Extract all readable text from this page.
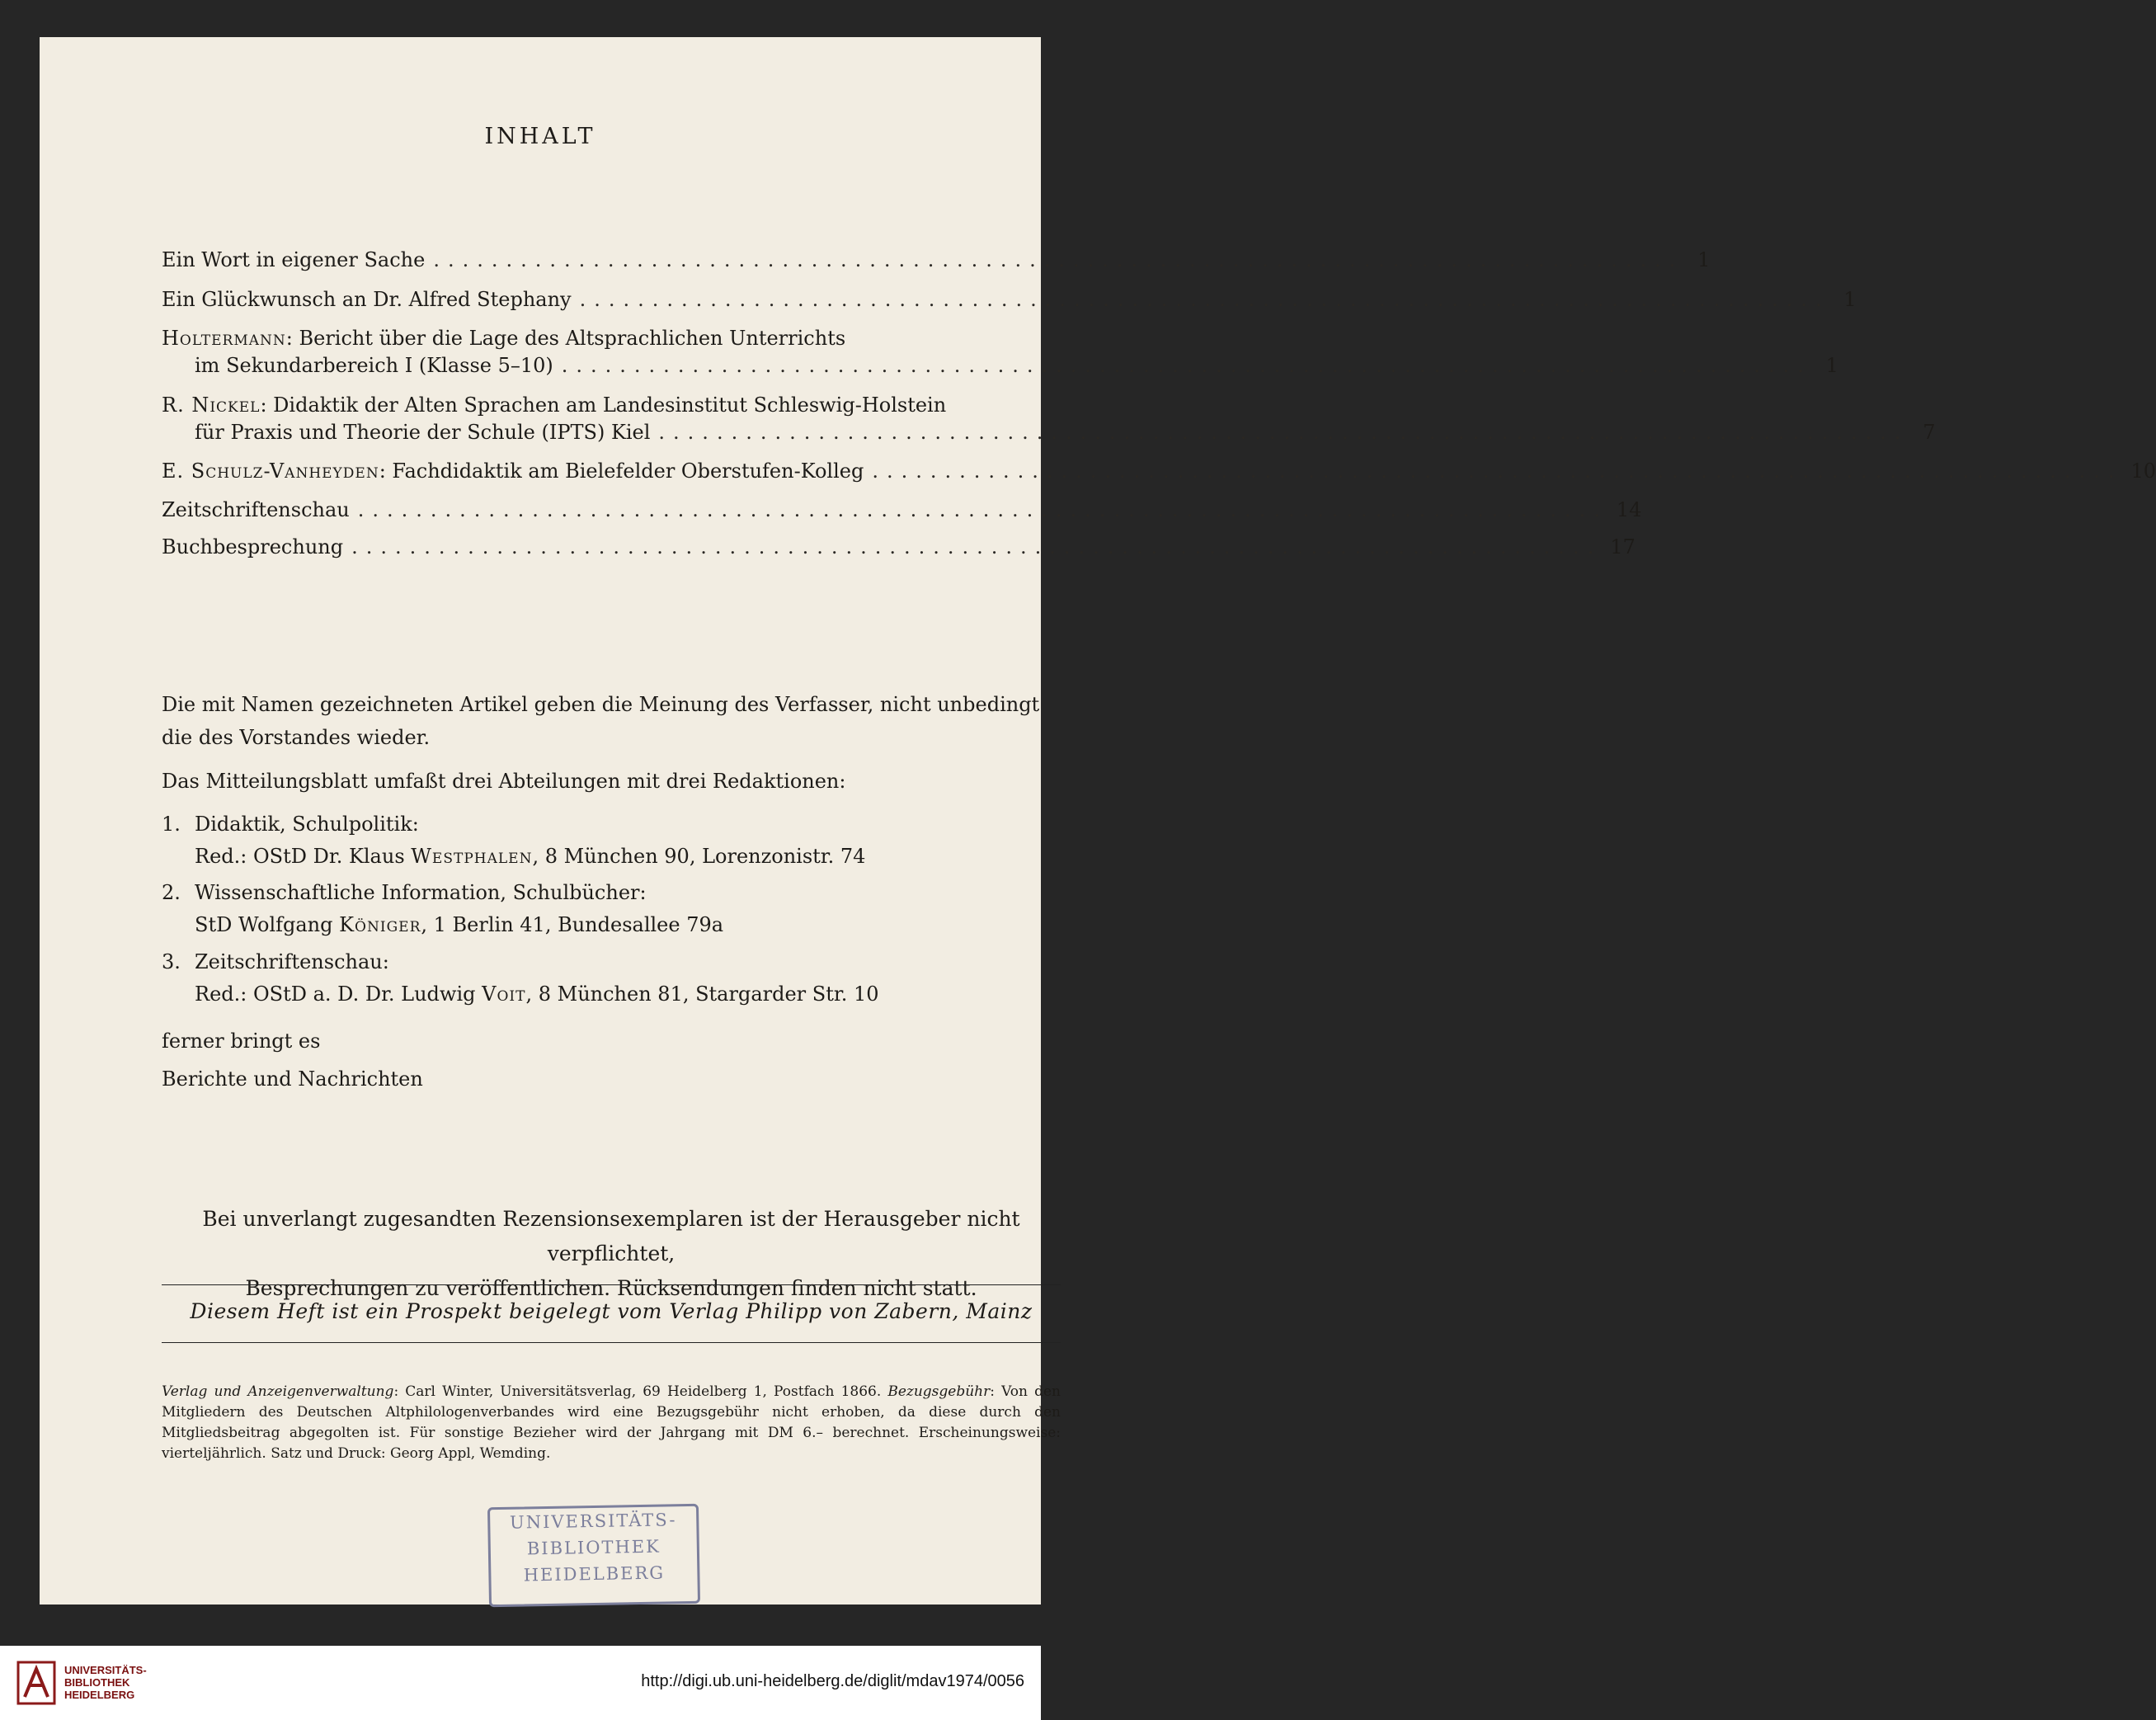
INHALT
Ein Wort in eigener Sache ...................................................................................... 1
Ein Glückwunsch an Dr. Alfred Stephany ...................................................................................... 1
Holtermann: Bericht über die Lage des Altsprachlichen Unterrichts
im Sekundarbereich I (Klasse 5–10) ...................................................................................... 1
R. Nickel: Didaktik der Alten Sprachen am Landesinstitut Schleswig-Holstein
für Praxis und Theorie der Schule (IPTS) Kiel ...................................................................................... 7
E. Schulz-Vanheyden: Fachdidaktik am Bielefelder Oberstufen-Kolleg ...................................................................................... 10
Zeitschriftenschau ...................................................................................... 14
Buchbesprechung ...................................................................................... 17
Die mit Namen gezeichneten Artikel geben die Meinung des Verfasser, nicht unbedingt
die des Vorstandes wieder.
Das Mitteilungsblatt umfaßt drei Abteilungen mit drei Redaktionen:
1. Didaktik, Schulpolitik:
Red.: OStD Dr. Klaus Westphalen, 8 München 90, Lorenzonistr. 74
2. Wissenschaftliche Information, Schulbücher:
StD Wolfgang Königer, 1 Berlin 41, Bundesallee 79a
3. Zeitschriftenschau:
Red.: OStD a. D. Dr. Ludwig Voit, 8 München 81, Stargarder Str. 10
ferner bringt es
Berichte und Nachrichten
Bei unverlangt zugesandten Rezensionsexemplaren ist der Herausgeber nicht verpflichtet,
Besprechungen zu veröffentlichen. Rücksendungen finden nicht statt.
Diesem Heft ist ein Prospekt beigelegt vom Verlag Philipp von Zabern, Mainz
Verlag und Anzeigenverwaltung: Carl Winter, Universitätsverlag, 69 Heidelberg 1, Postfach 1866. Bezugsgebühr: Von den Mitgliedern des Deutschen Altphilologenverbandes wird eine Bezugsgebühr nicht erhoben, da diese durch den Mitgliedsbeitrag abgegolten ist. Für sonstige Bezieher wird der Jahrgang mit DM 6.– berechnet. Erscheinungsweise: vierteljährlich. Satz und Druck: Georg Appl, Wemding.
UNIVERSITÄTS-
BIBLIOTHEK
HEIDELBERG
UNIVERSITÄTS-
BIBLIOTHEK
HEIDELBERG
http://digi.ub.uni-heidelberg.de/diglit/mdav1974/0056
